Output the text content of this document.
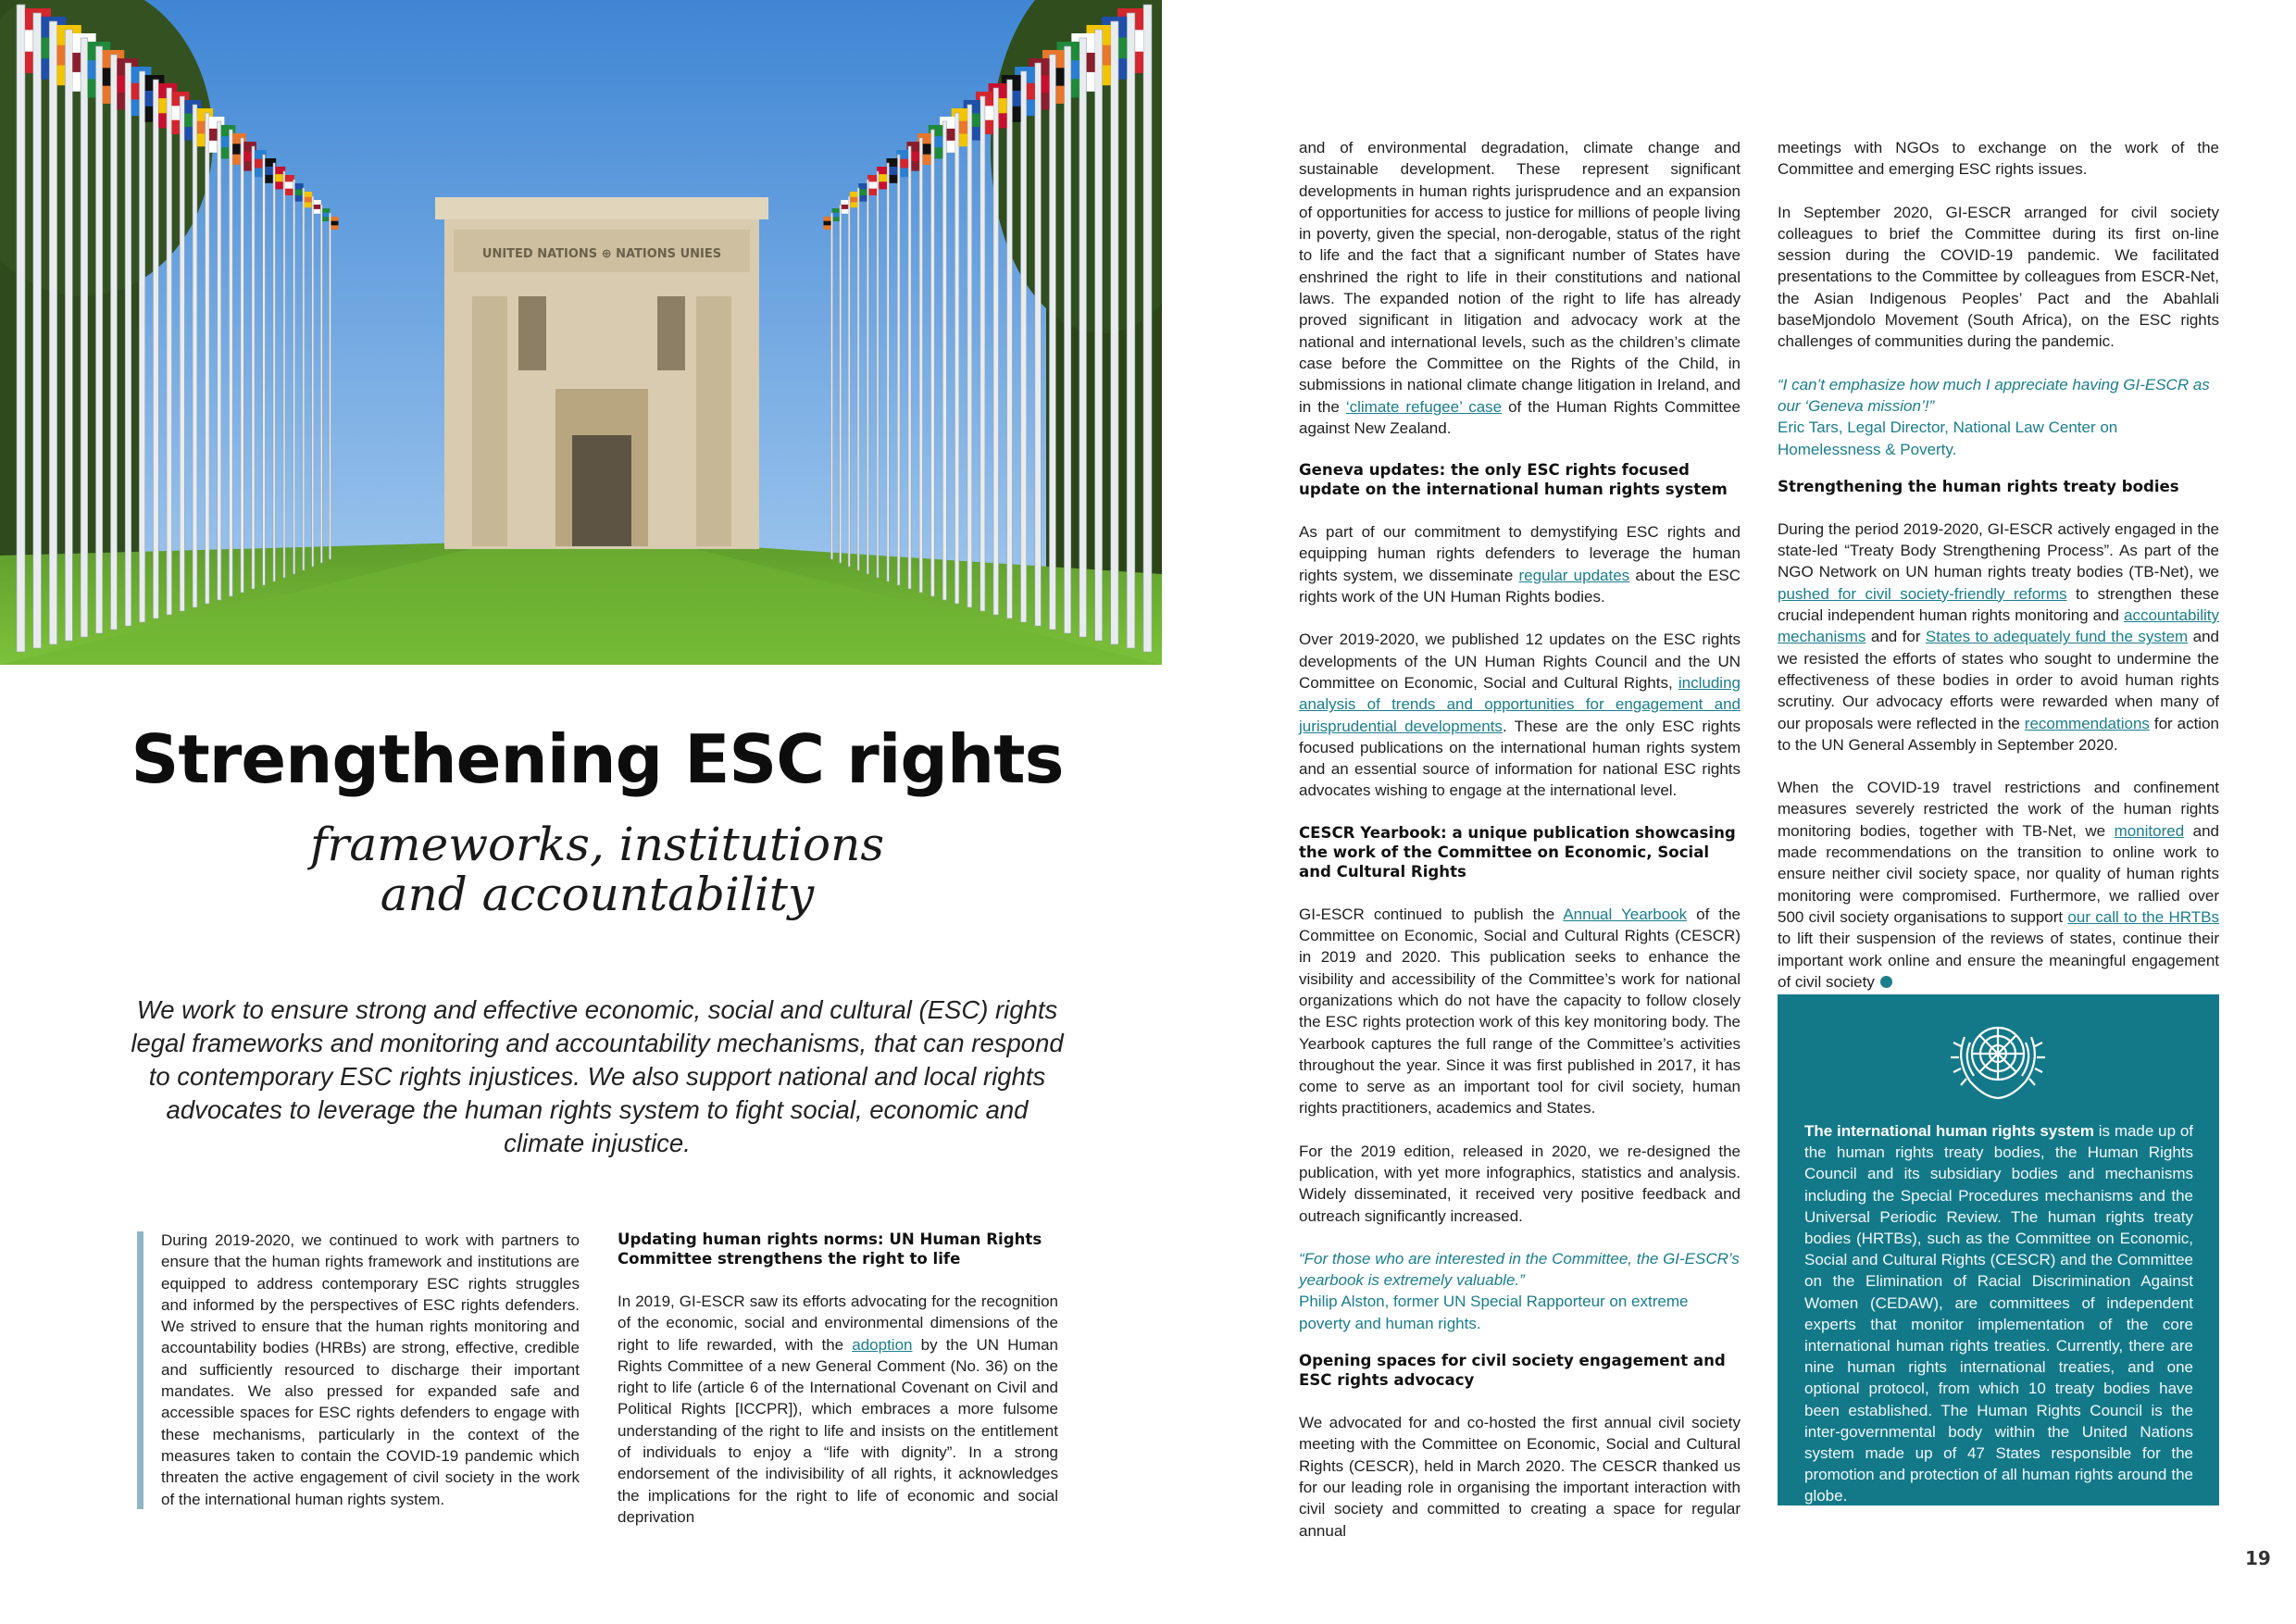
UNITED NATIONS ⊕ NATIONS UNIES
Strengthening ESC rights
frameworks, institutions
and accountability

We work to ensure strong and effective economic, social and cultural (ESC) rights legal frameworks and monitoring and accountability mechanisms, that can respond to contemporary ESC rights injustices. We also support national and local rights advocates to leverage the human rights system to fight social, economic and climate injustice.

During 2019-2020, we continued to work with partners to ensure that the human rights framework and institutions are equipped to address contemporary ESC rights struggles and informed by the perspectives of ESC rights defenders. We strived to ensure that the human rights monitoring and accountability bodies (HRBs) are strong, effective, credible and sufficiently resourced to discharge their important mandates. We also pressed for expanded safe and accessible spaces for ESC rights defenders to engage with these mechanisms, particularly in the context of the measures taken to contain the COVID-19 pandemic which threaten the active engagement of civil society in the work of the international human rights system.

Updating human rights norms: UN Human Rights Committee strengthens the right to life

In 2019, GI-ESCR saw its efforts advocating for the recognition of the economic, social and environmental dimensions of the right to life rewarded, with the adoption by the UN Human Rights Committee of a new General Comment (No. 36) on the right to life (article 6 of the International Covenant on Civil and Political Rights [ICCPR]), which embraces a more fulsome understanding of the right to life and insists on the entitlement of individuals to enjoy a “life with dignity”. In a strong endorsement of the indivisibility of all rights, it acknowledges the implications for the right to life of economic and social deprivation

and of environmental degradation, climate change and sustainable development. These represent significant developments in human rights jurisprudence and an expansion of opportunities for access to justice for millions of people living in poverty, given the special, non-derogable, status of the right to life and the fact that a significant number of States have enshrined the right to life in their constitutions and national laws. The expanded notion of the right to life has already proved significant in litigation and advocacy work at the national and international levels, such as the children’s climate case before the Committee on the Rights of the Child, in submissions in national climate change litigation in Ireland, and in the ‘climate refugee’ case of the Human Rights Committee against New Zealand.

Geneva updates: the only ESC rights focused update on the international human rights system

As part of our commitment to demystifying ESC rights and equipping human rights defenders to leverage the human rights system, we disseminate regular updates about the ESC rights work of the UN Human Rights bodies.

Over 2019-2020, we published 12 updates on the ESC rights developments of the UN Human Rights Council and the UN Committee on Economic, Social and Cultural Rights, including analysis of trends and opportunities for engagement and jurisprudential developments. These are the only ESC rights focused publications on the international human rights system and an essential source of information for national ESC rights advocates wishing to engage at the international level.

CESCR Yearbook: a unique publication showcasing the work of the Committee on Economic, Social and Cultural Rights

GI-ESCR continued to publish the Annual Yearbook of the Committee on Economic, Social and Cultural Rights (CESCR) in 2019 and 2020. This publication seeks to enhance the visibility and accessibility of the Committee’s work for national organizations which do not have the capacity to follow closely the ESC rights protection work of this key monitoring body. The Yearbook captures the full range of the Committee’s activities throughout the year. Since it was first published in 2017, it has come to serve as an important tool for civil society, human rights practitioners, academics and States.

For the 2019 edition, released in 2020, we re-designed the publication, with yet more infographics, statistics and analysis. Widely disseminated, it received very positive feedback and outreach significantly increased.

“For those who are interested in the Committee, the GI-ESCR’s yearbook is extremely valuable.”
Philip Alston, former UN Special Rapporteur on extreme poverty and human rights.
Opening spaces for civil society engagement and ESC rights advocacy

We advocated for and co-hosted the first annual civil society meeting with the Committee on Economic, Social and Cultural Rights (CESCR), held in March 2020. The CESCR thanked us for our leading role in organising the important interaction with civil society and committed to creating a space for regular annual

meetings with NGOs to exchange on the work of the Committee and emerging ESC rights issues.

In September 2020, GI-ESCR arranged for civil society colleagues to brief the Committee during its first on-line session during the COVID-19 pandemic. We facilitated presentations to the Committee by colleagues from ESCR-Net, the Asian Indigenous Peoples’ Pact and the Abahlali baseMjondolo Movement (South Africa), on the ESC rights challenges of communities during the pandemic.

“I can’t emphasize how much I appreciate having GI-ESCR as our ‘Geneva mission’!”
Eric Tars, Legal Director, National Law Center on Homelessness & Poverty.
Strengthening the human rights treaty bodies

During the period 2019-2020, GI-ESCR actively engaged in the state-led “Treaty Body Strengthening Process”. As part of the NGO Network on UN human rights treaty bodies (TB-Net), we pushed for civil society-friendly reforms to strengthen these crucial independent human rights monitoring and accountability mechanisms and for States to adequately fund the system and we resisted the efforts of states who sought to undermine the effectiveness of these bodies in order to avoid human rights scrutiny. Our advocacy efforts were rewarded when many of our proposals were reflected in the recommendations for action to the UN General Assembly in September 2020.

When the COVID-19 travel restrictions and confinement measures severely restricted the work of the human rights monitoring bodies, together with TB-Net, we monitored and made recommendations on the transition to online work to ensure neither civil society space, nor quality of human rights monitoring were compromised. Furthermore, we rallied over 500 civil society organisations to support our call to the HRTBs to lift their suspension of the reviews of states, continue their important work online and ensure the meaningful engagement of civil society

The international human rights system is made up of the human rights treaty bodies, the Human Rights Council and its subsidiary bodies and mechanisms including the Special Procedures mechanisms and the Universal Periodic Review. The human rights treaty bodies (HRTBs), such as the Committee on Economic, Social and Cultural Rights (CESCR) and the Committee on the Elimination of Racial Discrimination Against Women (CEDAW), are committees of independent experts that monitor implementation of the core international human rights treaties. Currently, there are nine human rights international treaties, and one optional protocol, from which 10 treaty bodies have been established. The Human Rights Council is the inter-governmental body within the United Nations system made up of 47 States responsible for the promotion and protection of all human rights around the globe.

19
